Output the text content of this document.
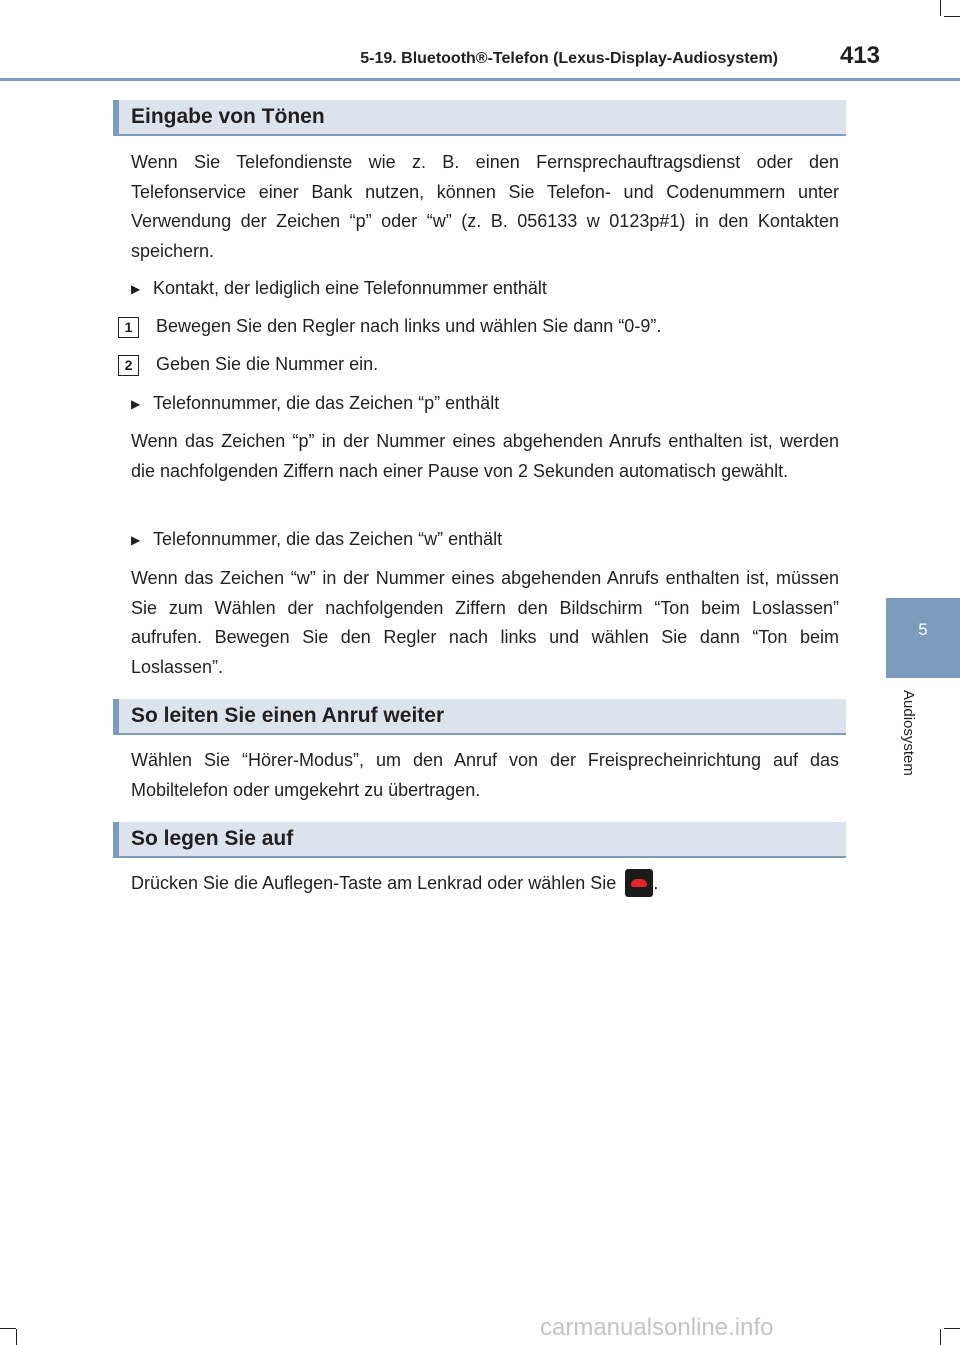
5-19. Bluetooth®-Telefon (Lexus-Display-Audiosystem)	413
5
Audiosystem
Eingabe von Tönen
Wenn Sie Telefondienste wie z. B. einen Fernsprechauftragsdienst oder den Telefonservice einer Bank nutzen, können Sie Telefon- und Codenummern unter Verwendung der Zeichen “p” oder “w” (z. B. 056133 w 0123p#1) in den Kontakten speichern.
▶ Kontakt, der lediglich eine Telefonnummer enthält
1	Bewegen Sie den Regler nach links und wählen Sie dann “0-9”.
2	Geben Sie die Nummer ein.
▶ Telefonnummer, die das Zeichen “p” enthält
Wenn das Zeichen “p” in der Nummer eines abgehenden Anrufs enthalten ist, werden die nachfolgenden Ziffern nach einer Pause von 2 Sekunden automatisch gewählt.
▶ Telefonnummer, die das Zeichen “w” enthält
Wenn das Zeichen “w” in der Nummer eines abgehenden Anrufs enthalten ist, müssen Sie zum Wählen der nachfolgenden Ziffern den Bildschirm “Ton beim Loslassen” aufrufen. Bewegen Sie den Regler nach links und wählen Sie dann “Ton beim Loslassen”.
So leiten Sie einen Anruf weiter
Wählen Sie “Hörer-Modus”, um den Anruf von der Freisprecheinrichtung auf das Mobiltelefon oder umgekehrt zu übertragen.
So legen Sie auf
Drücken Sie die Auflegen-Taste am Lenkrad oder wählen Sie .
carmanualsonline.info
